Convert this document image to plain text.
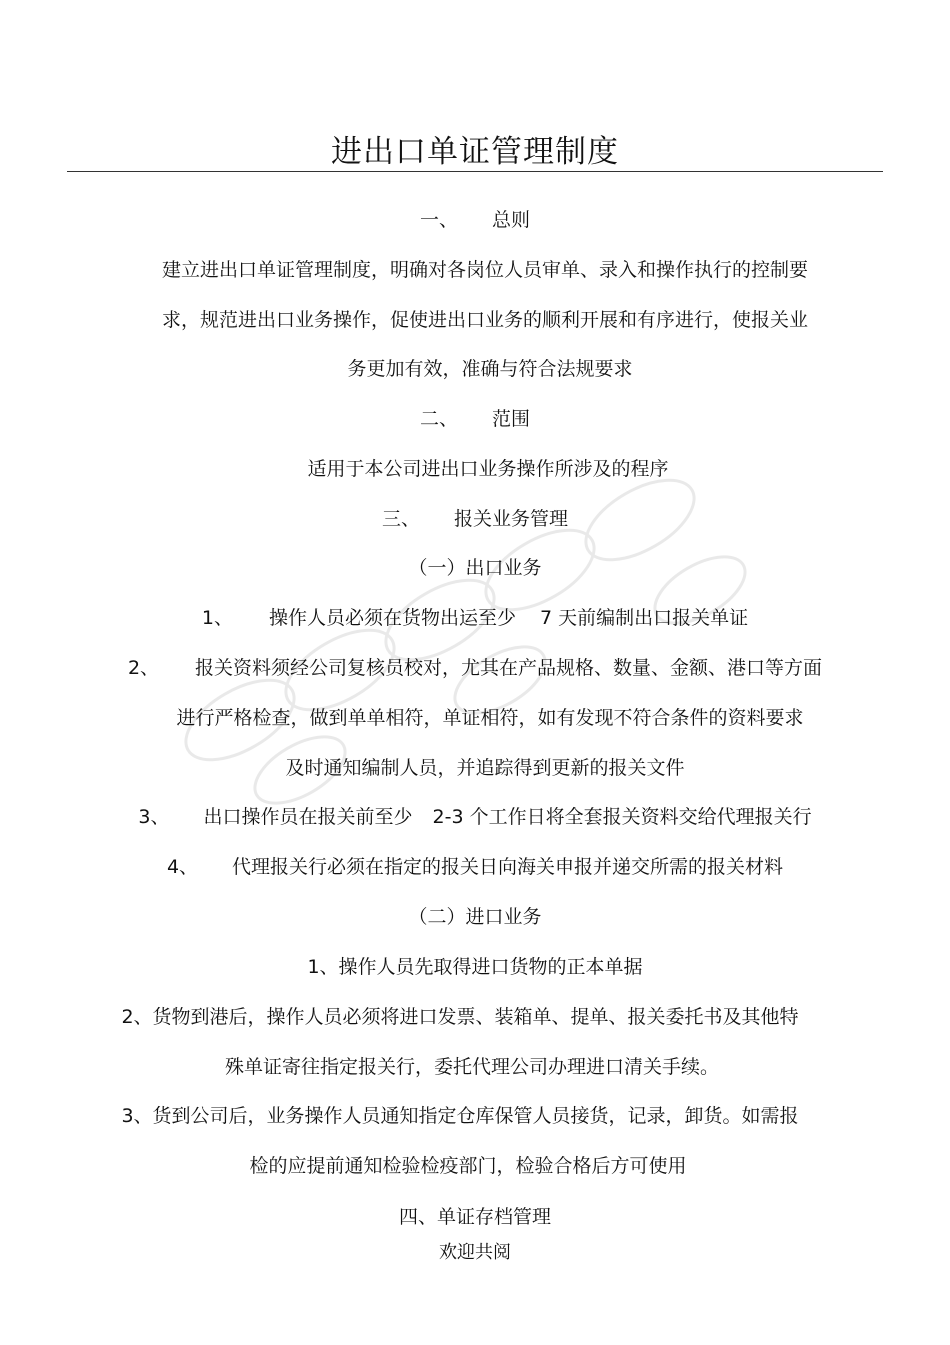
进出口单证管理制度
一、 总则
建立进出口单证管理制度，明确对各岗位人员审单、录入和操作执行的控制要
求，规范进出口业务操作，促使进出口业务的顺利开展和有序进行，使报关业
务更加有效，准确与符合法规要求
二、 范围
适用于本公司进出口业务操作所涉及的程序
三、 报关业务管理
（一）出口业务
1、 操作人员必须在货物出运至少 7 天前编制出口报关单证
2、 报关资料须经公司复核员校对，尤其在产品规格、数量、金额、港口等方面
进行严格检查，做到单单相符，单证相符，如有发现不符合条件的资料要求
及时通知编制人员，并追踪得到更新的报关文件
3、 出口操作员在报关前至少 2-3 个工作日将全套报关资料交给代理报关行
4、 代理报关行必须在指定的报关日向海关申报并递交所需的报关材料
（二）进口业务
1、操作人员先取得进口货物的正本单据
2、货物到港后，操作人员必须将进口发票、装箱单、提单、报关委托书及其他特
殊单证寄往指定报关行，委托代理公司办理进口清关手续。
3、货到公司后，业务操作人员通知指定仓库保管人员接货，记录，卸货。如需报
检的应提前通知检验检疫部门，检验合格后方可使用
四、单证存档管理
欢迎共阅
